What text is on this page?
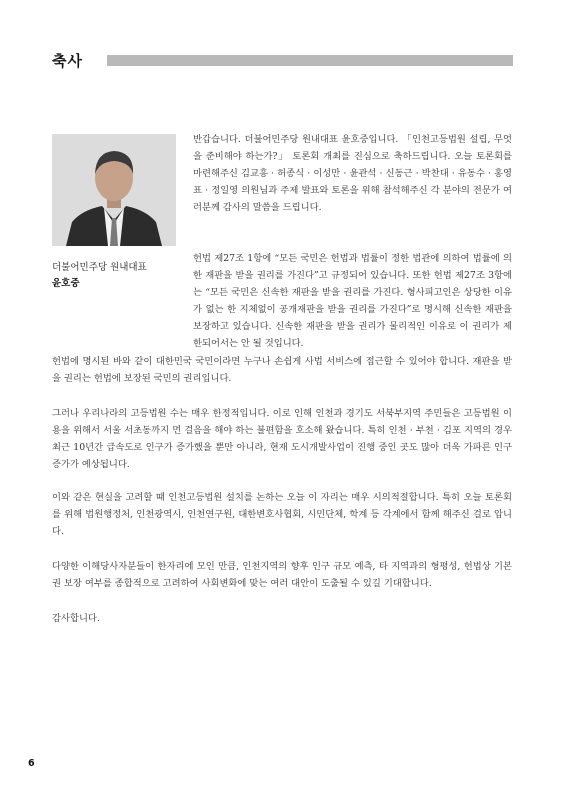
축사
더불어민주당 원내대표
윤호중

반갑습니다. 더불어민주당 원내대표 윤호중입니다. 「인천고등법원 설립, 무엇을 준비해야 하는가?」 토론회 개최를 진심으로 축하드립니다. 오늘 토론회를 마련해주신 김교흥 · 허종식 · 이성만 · 윤관석 · 신동근 · 박찬대 · 유동수 · 홍영표 · 정일영 의원님과 주제 발표와 토론을 위해 참석해주신 각 분야의 전문가 여러분께 감사의 말씀을 드립니다.

헌법 제27조 1항에 “모든 국민은 헌법과 법률이 정한 법관에 의하여 법률에 의한 재판을 받을 권리를 가진다”고 규정되어 있습니다. 또한 헌법 제27조 3항에는 “모든 국민은 신속한 재판을 받을 권리를 가진다. 형사피고인은 상당한 이유가 없는 한 지체없이 공개재판을 받을 권리를 가진다”로 명시해 신속한 재판을 보장하고 있습니다. 신속한 재판을 받을 권리가 물리적인 이유로 이 권리가 제한되어서는 안 될 것입니다.

헌법에 명시된 바와 같이 대한민국 국민이라면 누구나 손쉽게 사법 서비스에 접근할 수 있어야 합니다. 재판을 받을 권리는 헌법에 보장된 국민의 권리입니다.

그러나 우리나라의 고등법원 수는 매우 한정적입니다. 이로 인해 인천과 경기도 서북부지역 주민들은 고등법원 이용을 위해서 서울 서초동까지 먼 걸음을 해야 하는 불편함을 호소해 왔습니다. 특히 인천 · 부천 · 김포 지역의 경우 최근 10년간 급속도로 인구가 증가했을 뿐만 아니라, 현재 도시개발사업이 진행 중인 곳도 많아 더욱 가파른 인구증가가 예상됩니다.

이와 같은 현실을 고려할 때 인천고등법원 설치를 논하는 오늘 이 자리는 매우 시의적절합니다. 특히 오늘 토론회를 위해 법원행정처, 인천광역시, 인천연구원, 대한변호사협회, 시민단체, 학계 등 각계에서 함께 해주신 걸로 압니다.

다양한 이해당사자분들이 한자리에 모인 만큼, 인천지역의 향후 인구 규모 예측, 타 지역과의 형평성, 헌법상 기본권 보장 여부를 종합적으로 고려하여 사회변화에 맞는 여러 대안이 도출될 수 있길 기대합니다.

감사합니다.

6
